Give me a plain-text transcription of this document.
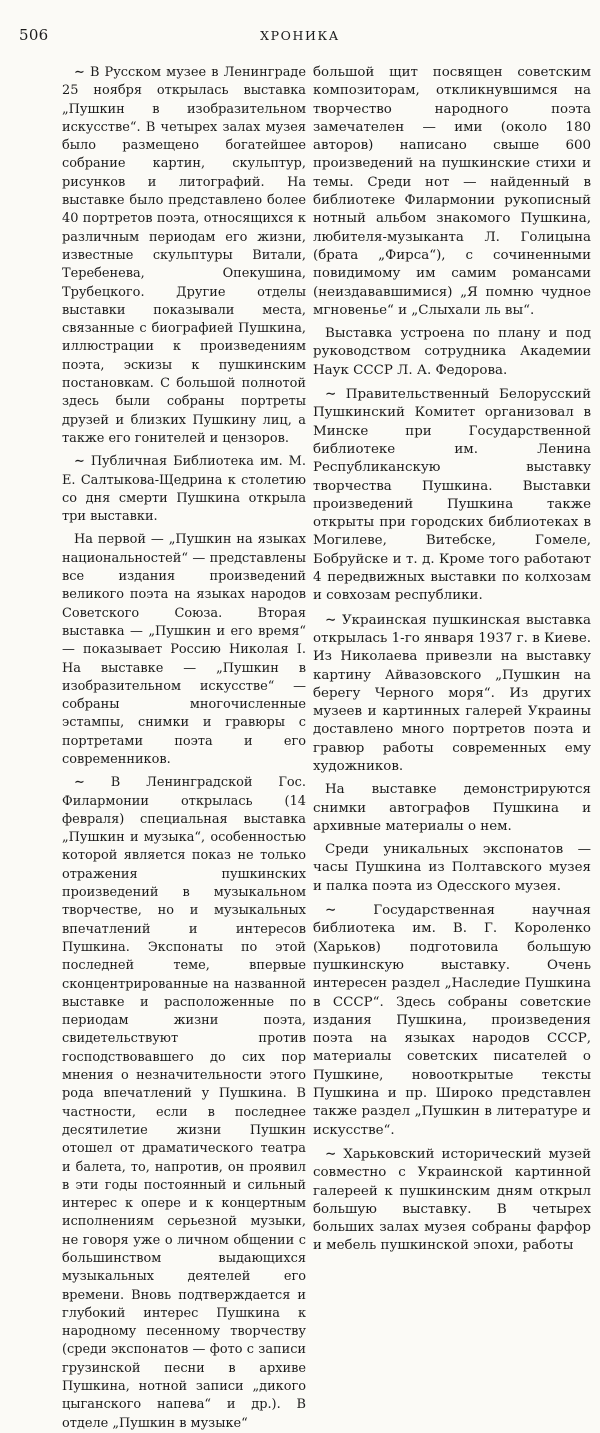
506	ХРОНИКА

∼ В Русском музее в Ленинграде 25 ноября открылась выставка „Пушкин в изобразительном искусстве“. В четырех залах музея было размещено богатейшее собрание картин, скульптур, рисунков и литографий. На выставке было представлено более 40 портретов поэта, относящихся к различным периодам его жизни, известные скульптуры Витали, Теребенева, Опекушина, Трубецкого. Другие отделы выставки показывали места, связанные с биографией Пушкина, иллюстрации к произведениям поэта, эскизы к пушкинским постановкам. С большой полнотой здесь были собраны портреты друзей и близких Пушкину лиц, а также его гонителей и цензоров.

∼ Публичная Библиотека им. М. Е. Салтыкова-Щедрина к столетию со дня смерти Пушкина открыла три выставки.

На первой — „Пушкин на языках национальностей“ — представлены все издания произведений великого поэта на языках народов Советского Союза. Вторая выставка — „Пушкин и его время“ — показывает Россию Николая I. На выставке — „Пушкин в изобразительном искусстве“ — собраны многочисленные эстампы, снимки и гравюры с портретами поэта и его современников.

∼ В Ленинградской Гос. Филармонии открылась (14 февраля) специальная выставка „Пушкин и музыка“, особенностью которой является показ не только отражения пушкинских произведений в музыкальном творчестве, но и музыкальных впечатлений и интересов Пушкина. Экспонаты по этой последней теме, впервые сконцентрированные на названной выставке и расположенные по периодам жизни поэта, свидетельствуют против господствовавшего до сих пор мнения о незначительности этого рода впечатлений у Пушкина. В частности, если в последнее десятилетие жизни Пушкин отошел от драматического театра и балета, то, напротив, он проявил в эти годы постоянный и сильный интерес к опере и к концертным исполнениям серьезной музыки, не говоря уже о личном общении с большинством выдающихся музыкальных деятелей его времени. Вновь подтверждается и глубокий интерес Пушкина к народному песенному творчеству (среди экспонатов — фото с записи грузинской песни в архиве Пушкина, нотной записи „дикого цыганского напева“ и др.). В отделе „Пушкин в музыке“

большой щит посвящен советским композиторам, откликнувшимся на творчество народного поэта замечателен — ими (около 180 авторов) написано свыше 600 произведений на пушкинские стихи и темы. Среди нот — найденный в библиотеке Филармонии рукописный нотный альбом знакомого Пушкина, любителя-музыканта Л. Голицына (брата „Фирса“), с сочиненными повидимому им самим романсами (неиздававшимися) „Я помню чудное мгновенье“ и „Слыхали ль вы“.

Выставка устроена по плану и под руководством сотрудника Академии Наук СССР Л. А. Федорова.

∼ Правительственный Белорусский Пушкинский Комитет организовал в Минске при Государственной библиотеке им. Ленина Республиканскую выставку творчества Пушкина. Выставки произведений Пушкина также открыты при городских библиотеках в Могилеве, Витебске, Гомеле, Бобруйске и т. д. Кроме того работают 4 передвижных выставки по колхозам и совхозам республики.

∼ Украинская пушкинская выставка открылась 1-го января 1937 г. в Киеве. Из Николаева привезли на выставку картину Айвазовского „Пушкин на берегу Черного моря“. Из других музеев и картинных галерей Украины доставлено много портретов поэта и гравюр работы современных ему художников.

На выставке демонстрируются снимки автографов Пушкина и архивные материалы о нем.

Среди уникальных экспонатов — часы Пушкина из Полтавского музея и палка поэта из Одесского музея.

∼	Государственная научная библиотека им. В. Г. Короленко (Харьков) подготовила большую пушкинскую выставку. Очень интересен раздел „Наследие Пушкина в СССР“. Здесь собраны советские издания Пушкина, произведения поэта на языках народов СССР, материалы советских писателей о Пушкине, новооткрытые тексты Пушкина и пр. Широко представлен также раздел „Пушкин в литературе и искусстве“.

∼ Харьковский исторический музей совместно с Украинской картинной галерeей к пушкинским дням открыл большую выставку. В четырех больших залах музея собраны фарфор и мебель пушкинской эпохи, работы
